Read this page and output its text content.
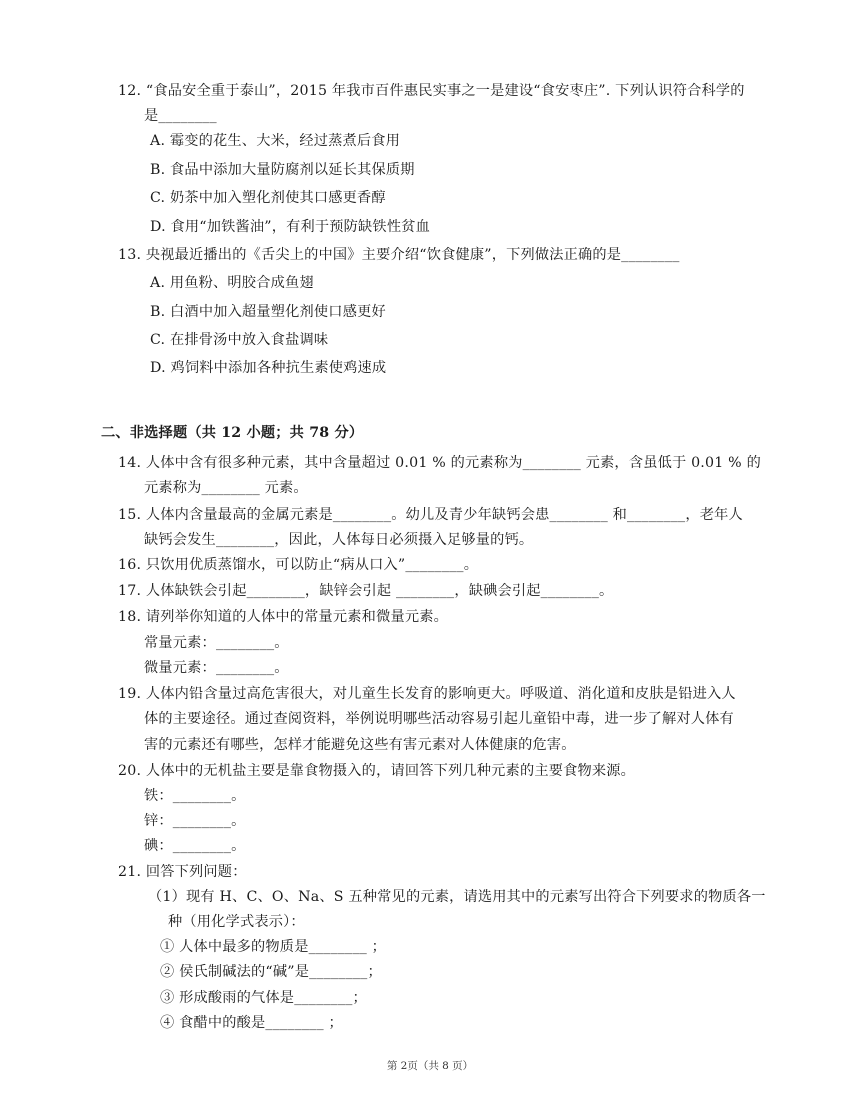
12. “食品安全重于泰山”，2015 年我市百件惠民实事之一是建设“食安枣庄”. 下列认识符合科学的
是________
A. 霉变的花生、大米，经过蒸煮后食用
B. 食品中添加大量防腐剂以延长其保质期
C. 奶茶中加入塑化剂使其口感更香醇
D. 食用“加铁酱油”，有利于预防缺铁性贫血
13. 央视最近播出的《舌尖上的中国》主要介绍“饮食健康”，下列做法正确的是________
A. 用鱼粉、明胶合成鱼翅
B. 白酒中加入超量塑化剂使口感更好
C. 在排骨汤中放入食盐调味
D. 鸡饲料中添加各种抗生素使鸡速成
二、非选择题（共 12 小题；共 78 分）
14. 人体中含有很多种元素，其中含量超过 0.01 % 的元素称为________ 元素，含虽低于 0.01 % 的
元素称为________ 元素。
15. 人体内含量最高的金属元素是________。幼儿及青少年缺钙会患________ 和________，老年人
缺钙会发生________，因此，人体每日必须摄入足够量的钙。
16. 只饮用优质蒸馏水，可以防止“病从口入”________。
17. 人体缺铁会引起________，缺锌会引起 ________，缺碘会引起________。
18. 请列举你知道的人体中的常量元素和微量元素。
常量元素：________。
微量元素：________。
19. 人体内铅含量过高危害很大，对儿童生长发育的影响更大。呼吸道、消化道和皮肤是铅进入人
体的主要途径。通过查阅资料，举例说明哪些活动容易引起儿童铅中毒，进一步了解对人体有
害的元素还有哪些，怎样才能避免这些有害元素对人体健康的危害。
20. 人体中的无机盐主要是靠食物摄入的，请回答下列几种元素的主要食物来源。
铁：________。
锌：________。
碘：________。
21. 回答下列问题：
（1）现有 H、C、O、Na、S 五种常见的元素，请选用其中的元素写出符合下列要求的物质各一
种（用化学式表示）：
① 人体中最多的物质是________ ；
② 侯氏制碱法的“碱”是________；
③ 形成酸雨的气体是________；
④ 食醋中的酸是________ ；
第 2页（共 8 页）
